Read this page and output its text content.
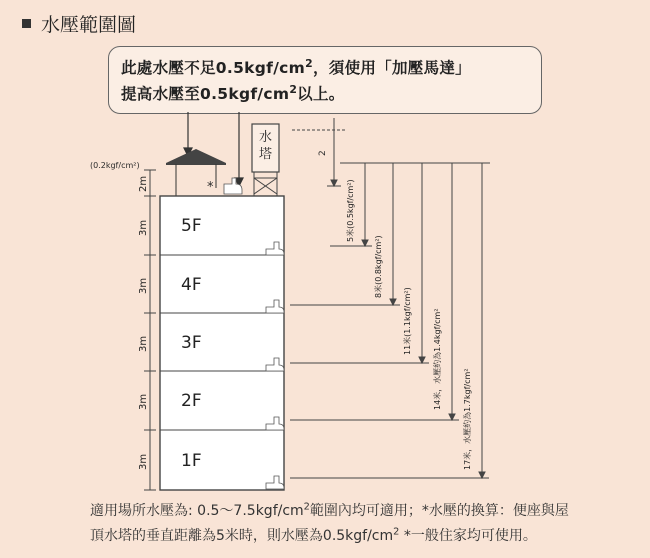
水壓範圍圖
此處水壓不足$0.5kgf/cm^2$，須使用「加壓馬達」
提高水壓至$0.5kgf/cm^2$以上。
水
塔	2
(0.2kgf/cm²)
*
2m
3m
3m
3m
3m
3m
5F
4F
3F
2F
1F
5米(0.5kgf/cm²)
8米(0.8kgf/cm²)
11米(1.1kgf/cm²)	14米，水壓約為1.4kgf/cm²
17米，水壓約為1.7kgf/cm²
適用場所水壓為: $0.5\sim 7.5kgf/cm^2$範圍內均可適用；*水壓的換算：便座與屋
頂水塔的垂直距離為5米時，則水壓為$0.5kgf/cm^2$ *一般住家均可使用。
